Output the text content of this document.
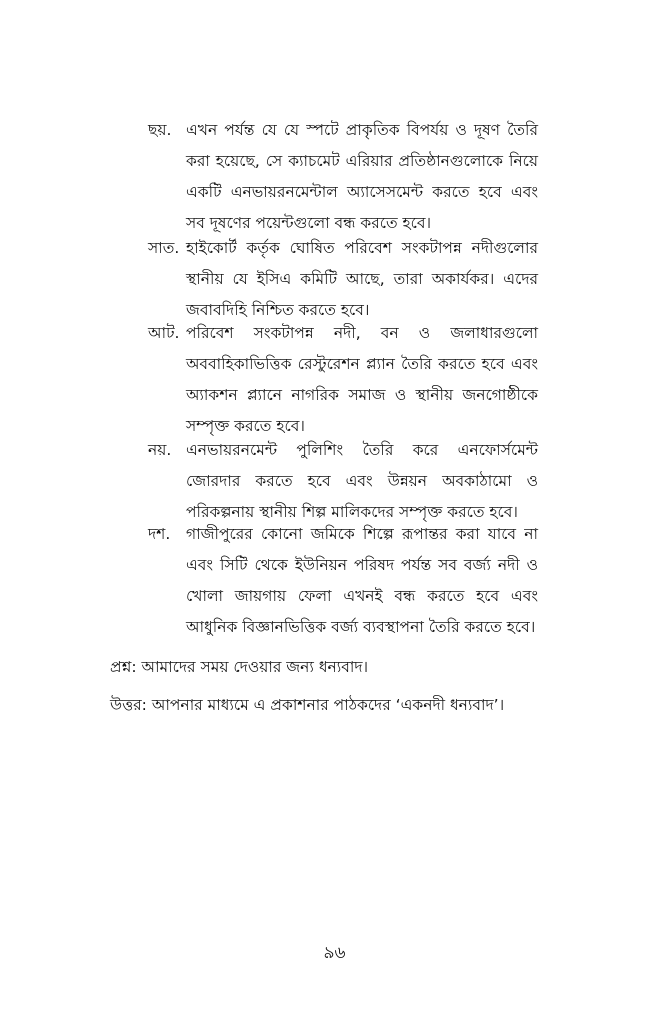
ছয়. এখন পর্যন্ত যে যে স্পটে প্রাকৃতিক বিপর্যয় ও দূষণ তৈরি করা হয়েছে, সে ক্যাচমেট এরিয়ার প্রতিষ্ঠানগুলোকে নিয়ে একটি এনভায়রনমেন্টাল অ্যাসেসমেন্ট করতে হবে এবং সব দূষণের পয়েন্টগুলো বন্ধ করতে হবে।
সাত. হাইকোর্ট কর্তৃক ঘোষিত পরিবেশ সংকটাপন্ন নদীগুলোর স্থানীয় যে ইসিএ কমিটি আছে, তারা অকার্যকর। এদের জবাবদিহি নিশ্চিত করতে হবে।
আট. পরিবেশ সংকটাপন্ন নদী, বন ও জলাধারগুলো অববাহিকাভিত্তিক রেস্টুরেশন প্ল্যান তৈরি করতে হবে এবং অ্যাকশন প্ল্যানে নাগরিক সমাজ ও স্থানীয় জনগোষ্ঠীকে সম্পৃক্ত করতে হবে।
নয়. এনভায়রনমেন্ট পুলিশিং তৈরি করে এনফোর্সমেন্ট জোরদার করতে হবে এবং উন্নয়ন অবকাঠামো ও পরিকল্পনায় স্থানীয় শিল্প মালিকদের সম্পৃক্ত করতে হবে।
দশ.	গাজীপুরের কোনো জমিকে শিল্পে রূপান্তর করা যাবে না এবং সিটি থেকে ইউনিয়ন পরিষদ পর্যন্ত সব বর্জ্য নদী ও খোলা জায়গায় ফেলা এখনই বন্ধ করতে হবে এবং আধুনিক বিজ্ঞানভিত্তিক বর্জ্য ব্যবস্থাপনা তৈরি করতে হবে।
প্রশ্ন: আমাদের সময় দেওয়ার জন্য ধন্যবাদ।
উত্তর: আপনার মাধ্যমে এ প্রকাশনার পাঠকদের ‘একনদী ধন্যবাদ’।
৯৬
